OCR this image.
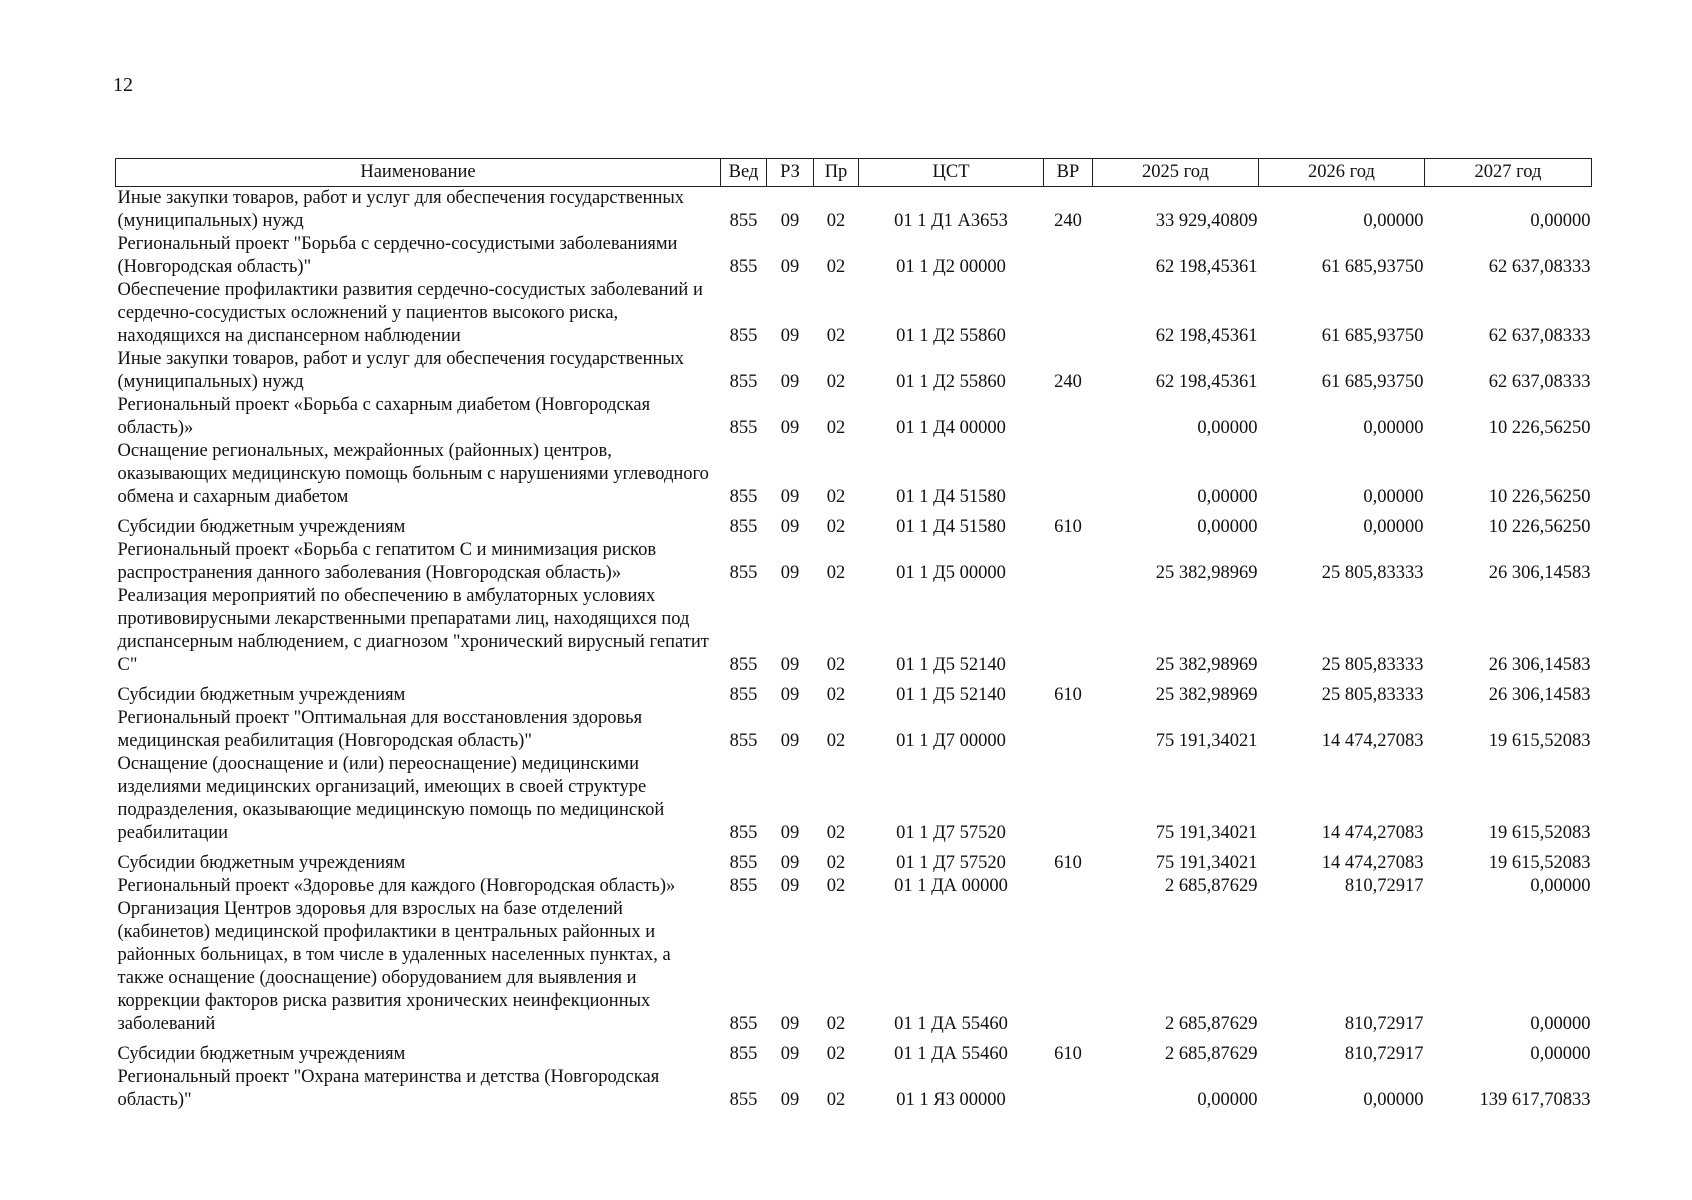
12
Наименование	Вед	РЗ	Пр	ЦСТ	ВР	2025 год	2026 год	2027 год
Иные закупки товаров, работ и услуг для обеспечения государственных (муниципальных) нужд	855	09	02	01 1 Д1 А3653	240	33 929,40809	0,00000	0,00000
Региональный проект "Борьба с сердечно-сосудистыми заболеваниями (Новгородская область)"	855	09	02	01 1 Д2 00000		62 198,45361	61 685,93750	62 637,08333
Обеспечение профилактики развития сердечно-сосудистых заболеваний и сердечно-сосудистых осложнений у пациентов высокого риска, находящихся на диспансерном наблюдении	855	09	02	01 1 Д2 55860		62 198,45361	61 685,93750	62 637,08333
Иные закупки товаров, работ и услуг для обеспечения государственных (муниципальных) нужд	855	09	02	01 1 Д2 55860	240	62 198,45361	61 685,93750	62 637,08333
Региональный проект «Борьба с сахарным диабетом (Новгородская область)»	855	09	02	01 1 Д4 00000		0,00000	0,00000	10 226,56250
Оснащение региональных, межрайонных (районных) центров, оказывающих медицинскую помощь больным с нарушениями углеводного обмена и сахарным диабетом	855	09	02	01 1 Д4 51580		0,00000	0,00000	10 226,56250
Субсидии бюджетным учреждениям	855	09	02	01 1 Д4 51580	610	0,00000	0,00000	10 226,56250
Региональный проект «Борьба с гепатитом С и минимизация рисков распространения данного заболевания (Новгородская область)»	855	09	02	01 1 Д5 00000		25 382,98969	25 805,83333	26 306,14583
Реализация мероприятий по обеспечению в амбулаторных условиях противовирусными лекарственными препаратами лиц, находящихся под диспансерным наблюдением, с диагнозом "хронический вирусный гепатит С"	855	09	02	01 1 Д5 52140		25 382,98969	25 805,83333	26 306,14583
Субсидии бюджетным учреждениям	855	09	02	01 1 Д5 52140	610	25 382,98969	25 805,83333	26 306,14583
Региональный проект "Оптимальная для восстановления здоровья медицинская реабилитация (Новгородская область)"	855	09	02	01 1 Д7 00000		75 191,34021	14 474,27083	19 615,52083
Оснащение (дооснащение и (или) переоснащение) медицинскими изделиями медицинских организаций, имеющих в своей структуре подразделения, оказывающие медицинскую помощь по медицинской реабилитации	855	09	02	01 1 Д7 57520		75 191,34021	14 474,27083	19 615,52083
Субсидии бюджетным учреждениям	855	09	02	01 1 Д7 57520	610	75 191,34021	14 474,27083	19 615,52083
Региональный проект «Здоровье для каждого (Новгородская область)»	855	09	02	01 1 ДА 00000		2 685,87629	810,72917	0,00000
Организация Центров здоровья для взрослых на базе отделений (кабинетов) медицинской профилактики в центральных районных и районных больницах, в том числе в удаленных населенных пунктах, а также оснащение (дооснащение) оборудованием для выявления и коррекции факторов риска развития хронических неинфекционных заболеваний	855	09	02	01 1 ДА 55460		2 685,87629	810,72917	0,00000
Субсидии бюджетным учреждениям	855	09	02	01 1 ДА 55460	610	2 685,87629	810,72917	0,00000
Региональный проект "Охрана материнства и детства (Новгородская область)"	855	09	02	01 1 Я3 00000		0,00000	0,00000	139 617,70833
